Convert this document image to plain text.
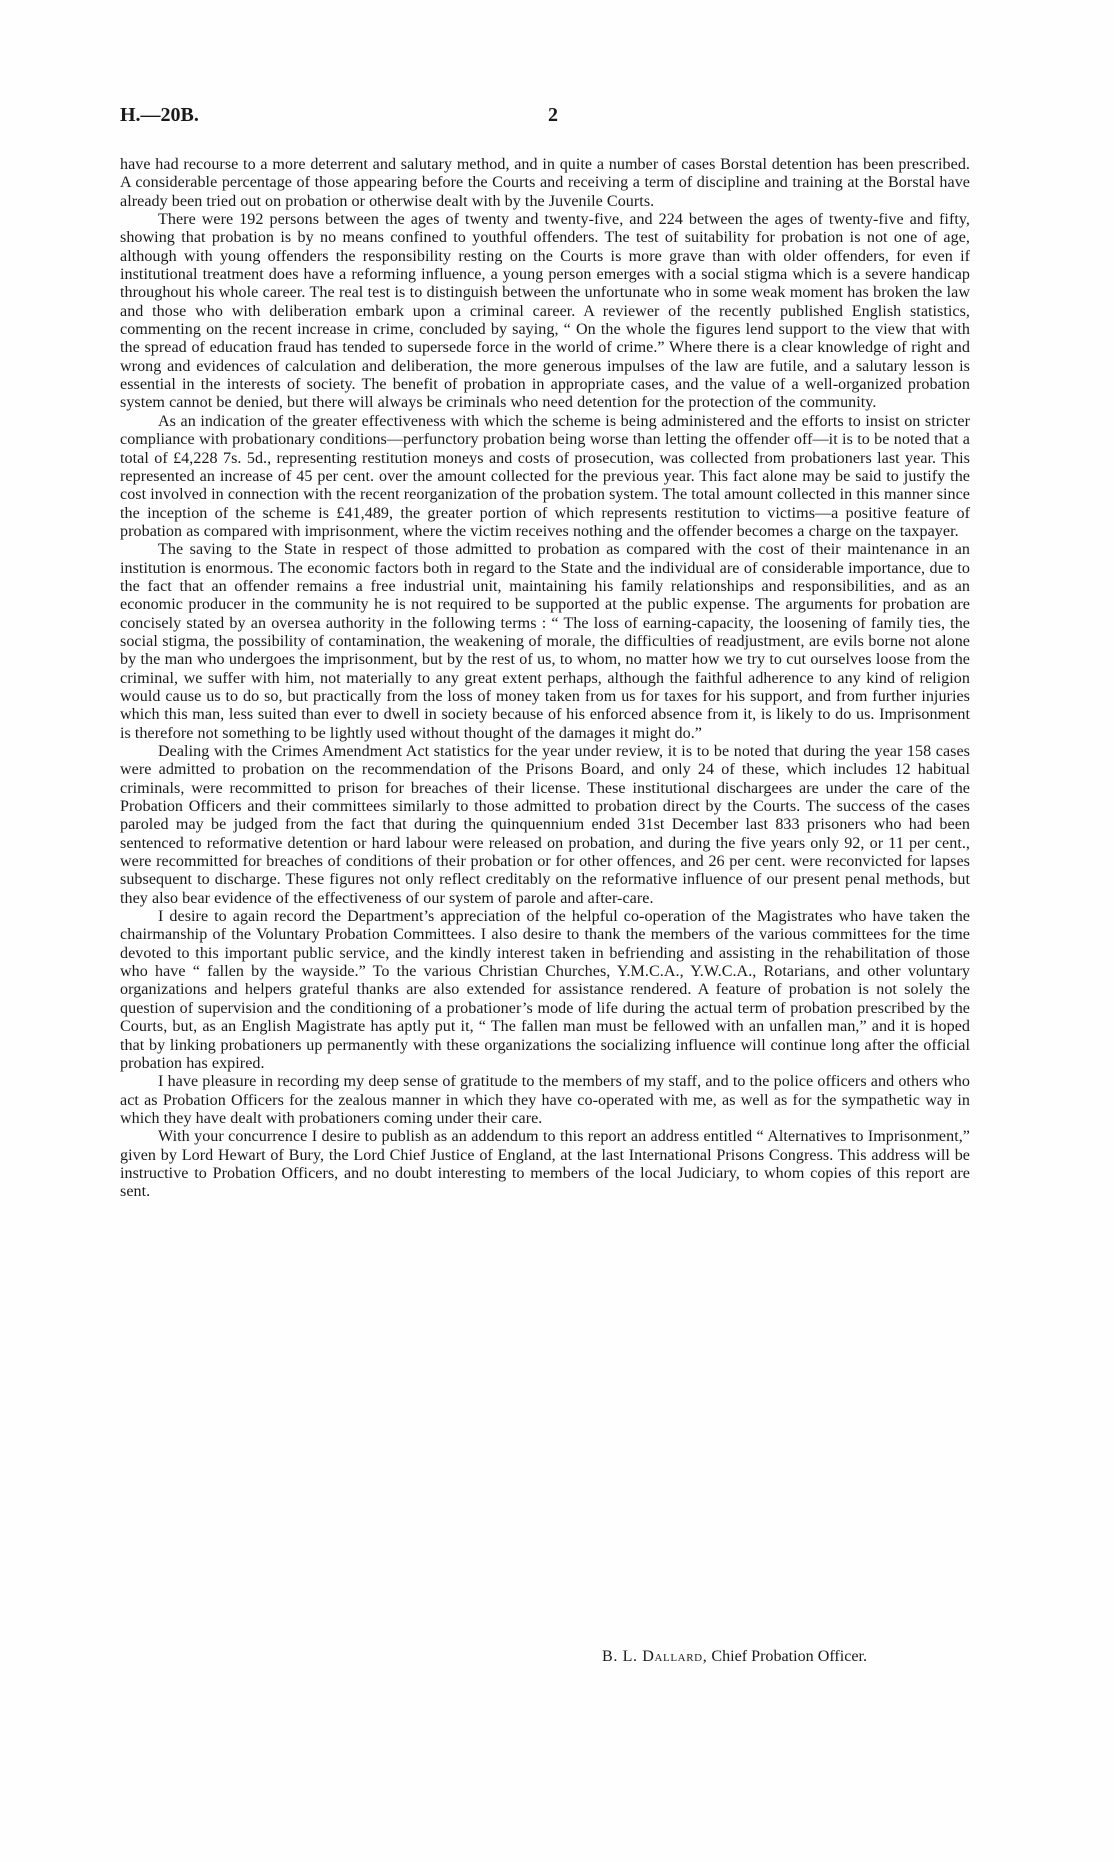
H.—20B.	2

have had recourse to a more deterrent and salutary method, and in quite a number of cases Borstal detention has been prescribed. A considerable percentage of those appearing before the Courts and receiving a term of discipline and training at the Borstal have already been tried out on probation or otherwise dealt with by the Juvenile Courts.

There were 192 persons between the ages of twenty and twenty-five, and 224 between the ages of twenty-five and fifty, showing that probation is by no means confined to youthful offenders. The test of suitability for probation is not one of age, although with young offenders the responsibility resting on the Courts is more grave than with older offenders, for even if institutional treatment does have a reforming influence, a young person emerges with a social stigma which is a severe handicap throughout his whole career. The real test is to distinguish between the unfortunate who in some weak moment has broken the law and those who with deliberation embark upon a criminal career. A reviewer of the recently published English statistics, commenting on the recent increase in crime, concluded by saying, “ On the whole the figures lend support to the view that with the spread of education fraud has tended to supersede force in the world of crime.” Where there is a clear knowledge of right and wrong and evidences of calculation and deliberation, the more generous impulses of the law are futile, and a salutary lesson is essential in the interests of society. The benefit of probation in appropriate cases, and the value of a well-organized probation system cannot be denied, but there will always be criminals who need detention for the protection of the community.

As an indication of the greater effectiveness with which the scheme is being administered and the efforts to insist on stricter compliance with probationary conditions—perfunctory probation being worse than letting the offender off—it is to be noted that a total of £4,228 7s. 5d., representing restitution moneys and costs of prosecution, was collected from probationers last year. This represented an increase of 45 per cent. over the amount collected for the previous year. This fact alone may be said to justify the cost involved in connection with the recent reorganization of the probation system. The total amount collected in this manner since the inception of the scheme is £41,489, the greater portion of which represents restitution to victims—a positive feature of probation as compared with imprisonment, where the victim receives nothing and the offender becomes a charge on the taxpayer.

The saving to the State in respect of those admitted to probation as compared with the cost of their maintenance in an institution is enormous. The economic factors both in regard to the State and the individual are of considerable importance, due to the fact that an offender remains a free industrial unit, maintaining his family relationships and responsibilities, and as an economic producer in the community he is not required to be supported at the public expense. The arguments for probation are concisely stated by an oversea authority in the following terms : “ The loss of earning-capacity, the loosening of family ties, the social stigma, the possibility of contamination, the weakening of morale, the difficulties of readjustment, are evils borne not alone by the man who undergoes the imprisonment, but by the rest of us, to whom, no matter how we try to cut ourselves loose from the criminal, we suffer with him, not materially to any great extent perhaps, although the faithful adherence to any kind of religion would cause us to do so, but practically from the loss of money taken from us for taxes for his support, and from further injuries which this man, less suited than ever to dwell in society because of his enforced absence from it, is likely to do us. Imprisonment is therefore not something to be lightly used without thought of the damages it might do.”

Dealing with the Crimes Amendment Act statistics for the year under review, it is to be noted that during the year 158 cases were admitted to probation on the recommendation of the Prisons Board, and only 24 of these, which includes 12 habitual criminals, were recommitted to prison for breaches of their license. These institutional dischargees are under the care of the Probation Officers and their committees similarly to those admitted to probation direct by the Courts. The success of the cases paroled may be judged from the fact that during the quinquennium ended 31st December last 833 prisoners who had been sentenced to reformative detention or hard labour were released on probation, and during the five years only 92, or 11 per cent., were recommitted for breaches of conditions of their probation or for other offences, and 26 per cent. were reconvicted for lapses subsequent to discharge. These figures not only reflect creditably on the reformative influence of our present penal methods, but they also bear evidence of the effectiveness of our system of parole and after-care.

I desire to again record the Department’s appreciation of the helpful co-operation of the Magistrates who have taken the chairmanship of the Voluntary Probation Committees. I also desire to thank the members of the various committees for the time devoted to this important public service, and the kindly interest taken in befriending and assisting in the rehabilitation of those who have “ fallen by the wayside.” To the various Christian Churches, Y.M.C.A., Y.W.C.A., Rotarians, and other voluntary organizations and helpers grateful thanks are also extended for assistance rendered. A feature of probation is not solely the question of supervision and the conditioning of a probationer’s mode of life during the actual term of probation prescribed by the Courts, but, as an English Magistrate has aptly put it, “ The fallen man must be fellowed with an unfallen man,” and it is hoped that by linking probationers up permanently with these organizations the socializing influence will continue long after the official probation has expired.

I have pleasure in recording my deep sense of gratitude to the members of my staff, and to the police officers and others who act as Probation Officers for the zealous manner in which they have co-operated with me, as well as for the sympathetic way in which they have dealt with probationers coming under their care.

With your concurrence I desire to publish as an addendum to this report an address entitled “ Alternatives to Imprisonment,” given by Lord Hewart of Bury, the Lord Chief Justice of England, at the last International Prisons Congress. This address will be instructive to Probation Officers, and no doubt interesting to members of the local Judiciary, to whom copies of this report are sent.

B. L. Dallard, Chief Probation Officer.
